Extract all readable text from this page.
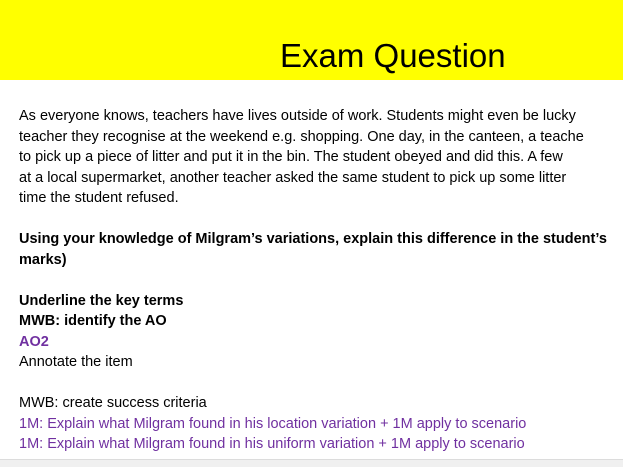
Exam Question
As everyone knows, teachers have lives outside of work. Students might even be lucky
teacher they recognise at the weekend e.g. shopping. One day, in the canteen, a teache
to pick up a piece of litter and put it in the bin. The student obeyed and did this. A few
at a local supermarket, another teacher asked the same student to pick up some litter
time the student refused.
Using your knowledge of Milgram’s variations, explain this difference in the student’s
marks)
Underline the key terms
MWB: identify the AO
AO2
Annotate the item
MWB: create success criteria
1M: Explain what Milgram found in his location variation + 1M apply to scenario
1M: Explain what Milgram found in his uniform variation + 1M apply to scenario
